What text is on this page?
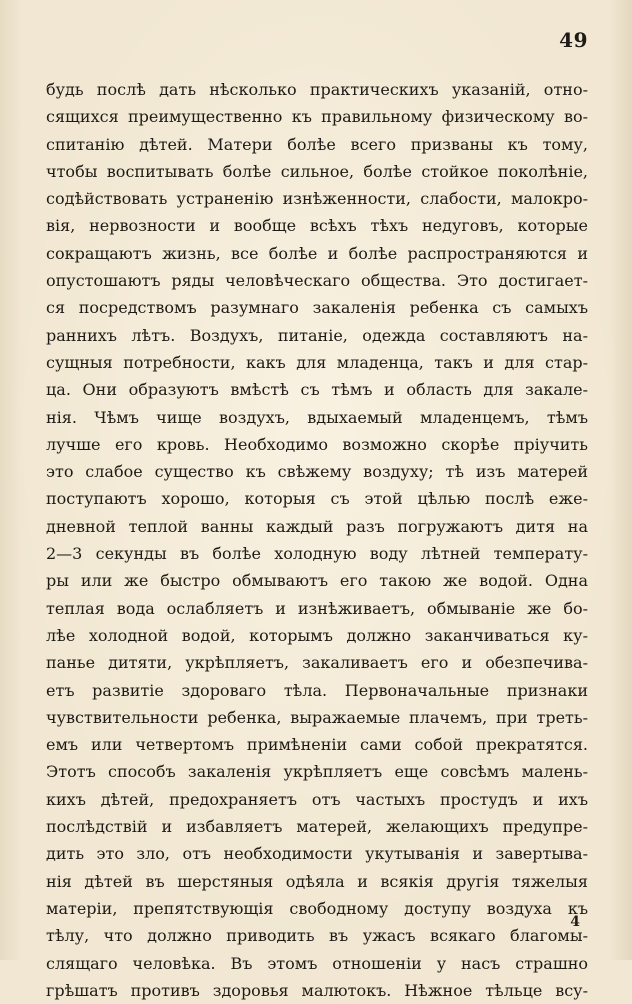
49
будь послѣ дать нѣсколько практическихъ указаній, отно-
сящихся преимущественно къ правильному физическому во-
спитанію дѣтей. Матери болѣе всего призваны къ тому,
чтобы воспитывать болѣе сильное, болѣе стойкое поколѣніе,
содѣйствовать устраненію изнѣженности, слабости, малокро-
вія, нервозности и вообще всѣхъ тѣхъ недуговъ, которые
сокращаютъ жизнь, все болѣе и болѣе распространяются и
опустошаютъ ряды человѣческаго общества. Это достигает-
ся посредствомъ разумнаго закаленія ребенка съ самыхъ
раннихъ лѣтъ. Воздухъ, питаніе, одежда составляютъ на-
сущныя потребности, какъ для младенца, такъ и для стар-
ца. Они образуютъ вмѣстѣ съ тѣмъ и область для закале-
нія. Чѣмъ чище воздухъ, вдыхаемый младенцемъ, тѣмъ
лучше его кровь. Необходимо возможно скорѣе пріучить
это слабое существо къ свѣжему воздуху; тѣ изъ матерей
поступаютъ хорошо, которыя съ этой цѣлью послѣ еже-
дневной теплой ванны каждый разъ погружаютъ дитя на
2—3 секунды въ болѣе холодную воду лѣтней температу-
ры или же быстро обмываютъ его такою же водой. Одна
теплая вода ослабляетъ и изнѣживаетъ, обмываніе же бо-
лѣе холодной водой, которымъ должно заканчиваться ку-
панье дитяти, укрѣпляетъ, закаливаетъ его и обезпечива-
етъ развитіе здороваго тѣла. Первоначальные признаки
чувствительности ребенка, выражаемые плачемъ, при треть-
емъ или четвертомъ примѣненіи сами собой прекратятся.
Этотъ способъ закаленія укрѣпляетъ еще совсѣмъ малень-
кихъ дѣтей, предохраняетъ отъ частыхъ простудъ и ихъ
послѣдствій и избавляетъ матерей, желающихъ предупре-
дить это зло, отъ необходимости укутыванія и завертыва-
нія дѣтей въ шерстяныя одѣяла и всякія другія тяжелыя
матеріи, препятствующія свободному доступу воздуха къ
тѣлу, что должно приводить въ ужасъ всякаго благомы-
слящаго человѣка. Въ этомъ отношеніи у насъ страшно
грѣшатъ противъ здоровья малютокъ. Нѣжное тѣльце всу-
4
